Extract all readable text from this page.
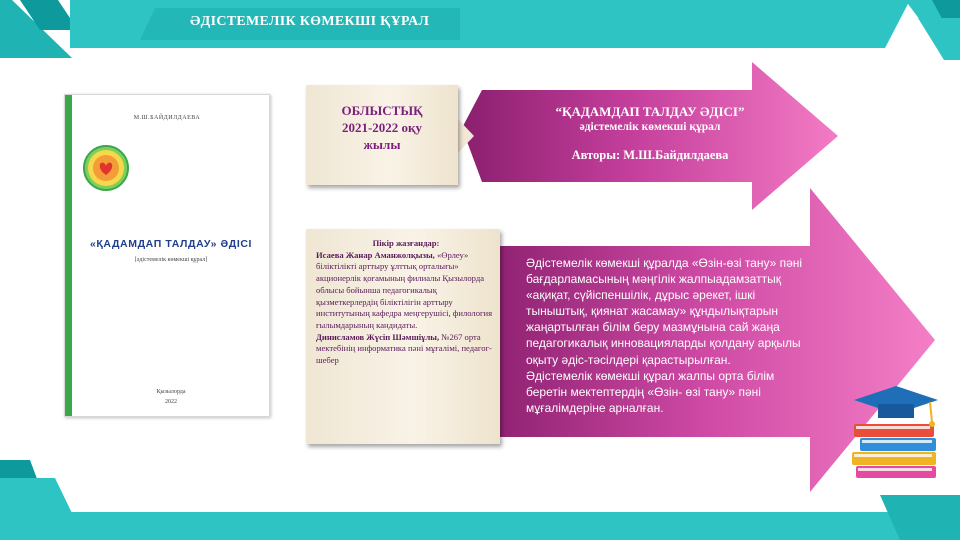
ӘДІСТЕМЕЛІК КӨМЕКШІ ҚҰРАЛ
М.Ш.БАЙДИЛДАЕВА
«ҚАДАМДАП ТАЛДАУ» ӘДІСІ
[әдістемелік көмекші құрал]
Қызылорда
2022
ОБЛЫСТЫҚ
2021-2022 оқу
жылы
“ҚАДАМДАП ТАЛДАУ ӘДІСІ”
әдістемелік көмекші құрал
Авторы: М.Ш.Байдилдаева
Пікір жазғандар:
Исаева Жанар Аманжолқызы, «Өрлеу» біліктілікті арттыру ұлттық орталығы» акционерлік қоғамының филиалы Қызылорда облысы бойынша педагогикалық қызметкерлердің біліктілігін арттыру институтының кафедра меңгерушісі, филология ғылымдарының кандидаты.
Диниcламов Жүсіп Шәмшіұлы, №267 орта мектебінің информатика пәні мұғалімі, педагог-шебер
Әдістемелік көмекші құралда «Өзін-өзі тану» пәні
бағдарламасының мәңгілік жалпыадамзаттық
«ақиқат, сүйіспеншілік, дұрыс әрекет, ішкі
тыныштық, қиянат жасамау» құндылықтарын
жаңартылған білім беру мазмұнына сай жаңа
педагогикалық инновацияларды қолдану арқылы
оқыту әдіс-тәсілдері қарастырылған.
Әдістемелік көмекші құрал жалпы орта білім
беретін мектептердің «Өзін- өзі тану» пәні
мұғалімдеріне арналған.
